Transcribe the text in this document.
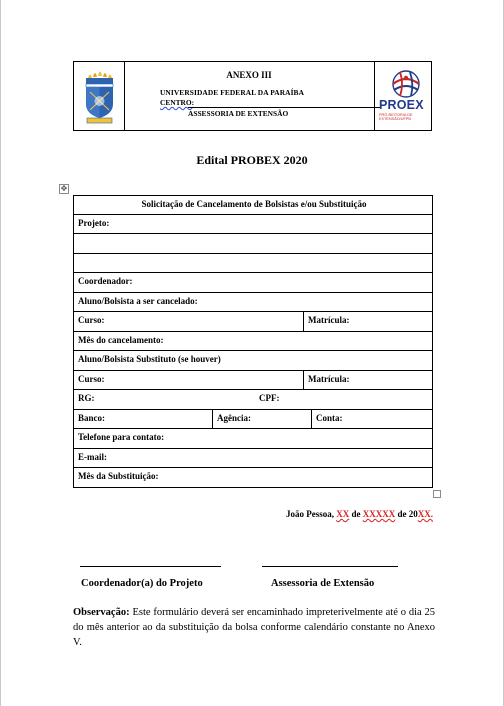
ANEXO III
UNIVERSIDADE FEDERAL DA PARAÍBA
CENTRO:
ASSESSORIA DE EXTENSÃO
PROEX
PRÓ-REITORIA DE EXTENSÃO/UFPB
Edital PROBEX 2020
✥
Solicitação de Cancelamento de Bolsistas e/ou Substituição
Projeto:
Coordenador:
Aluno/Bolsista a ser cancelado:
Curso:	Matrícula:
Mês do cancelamento:
Aluno/Bolsista Substituto (se houver)
Curso:	Matrícula:
RG:	CPF:
Banco:	Agência:	Conta:
Telefone para contato:
E-mail:
Mês da Substituição:
João Pessoa, XX de XXXXX de 20XX.
Coordenador(a) do Projeto	Assessoria de Extensão
Observação: Este formulário deverá ser encaminhado impreterivelmente até o dia 25 do mês anterior ao da substituição da bolsa conforme calendário constante no Anexo V.
